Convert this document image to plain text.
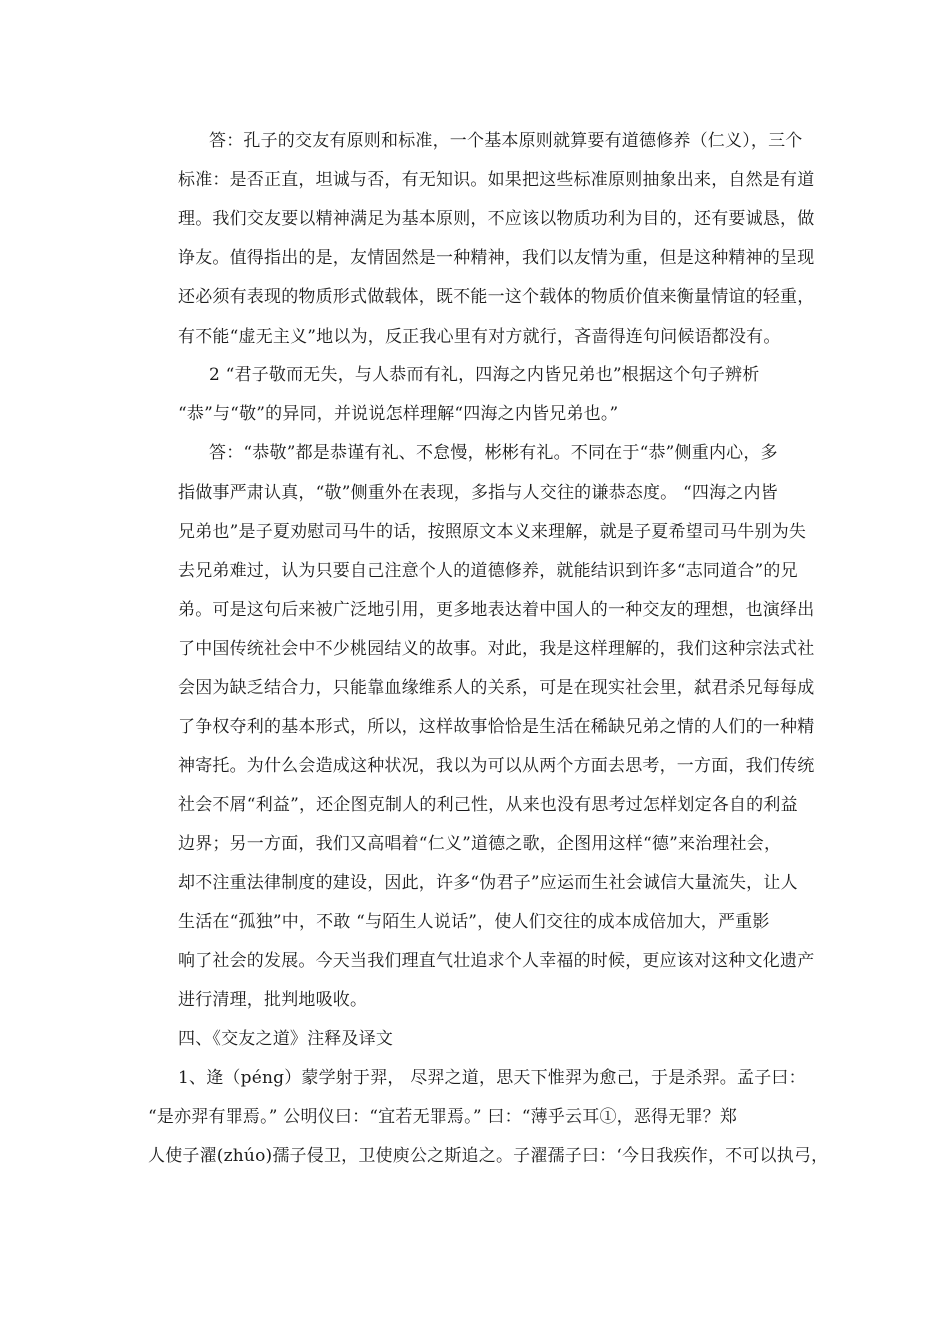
答：孔子的交友有原则和标准，一个基本原则就算要有道德修养（仁义），三个
标准：是否正直，坦诚与否，有无知识。如果把这些标准原则抽象出来，自然是有道
理。我们交友要以精神满足为基本原则，不应该以物质功利为目的，还有要诚恳，做
诤友。值得指出的是，友情固然是一种精神，我们以友情为重，但是这种精神的呈现
还必须有表现的物质形式做载体，既不能一这个载体的物质价值来衡量情谊的轻重，
有不能“虚无主义”地以为，反正我心里有对方就行，吝啬得连句问候语都没有。
2 “君子敬而无失，与人恭而有礼，四海之内皆兄弟也”根据这个句子辨析
“恭”与“敬”的异同，并说说怎样理解“四海之内皆兄弟也。”
答：“恭敬”都是恭谨有礼、不怠慢，彬彬有礼。不同在于“恭”侧重内心，多
指做事严肃认真，“敬”侧重外在表现，多指与人交往的谦恭态度。 “四海之内皆
兄弟也”是子夏劝慰司马牛的话，按照原文本义来理解，就是子夏希望司马牛别为失
去兄弟难过，认为只要自己注意个人的道德修养，就能结识到许多“志同道合”的兄
弟。可是这句后来被广泛地引用，更多地表达着中国人的一种交友的理想，也演绎出
了中国传统社会中不少桃园结义的故事。对此，我是这样理解的，我们这种宗法式社
会因为缺乏结合力，只能靠血缘维系人的关系，可是在现实社会里，弑君杀兄每每成
了争权夺利的基本形式，所以，这样故事恰恰是生活在稀缺兄弟之情的人们的一种精
神寄托。为什么会造成这种状况，我以为可以从两个方面去思考，一方面，我们传统
社会不屑“利益”，还企图克制人的利己性，从来也没有思考过怎样划定各自的利益
边界；另一方面，我们又高唱着“仁义”道德之歌，企图用这样“德”来治理社会，
却不注重法律制度的建设，因此，许多“伪君子”应运而生社会诚信大量流失，让人
生活在“孤独”中，不敢 “与陌生人说话”，使人们交往的成本成倍加大，严重影
响了社会的发展。今天当我们理直气壮追求个人幸福的时候，更应该对这种文化遗产
进行清理，批判地吸收。
四、《交友之道》注释及译文
1、逄（péng）蒙学射于羿， 尽羿之道，思天下惟羿为愈己，于是杀羿。孟子曰：
“是亦羿有罪焉。” 公明仪曰：“宜若无罪焉。” 曰：“薄乎云耳①，恶得无罪？郑
人使子濯(zhúo)孺子侵卫，卫使庾公之斯追之。子濯孺子曰：‘今日我疾作，不可以执弓，
